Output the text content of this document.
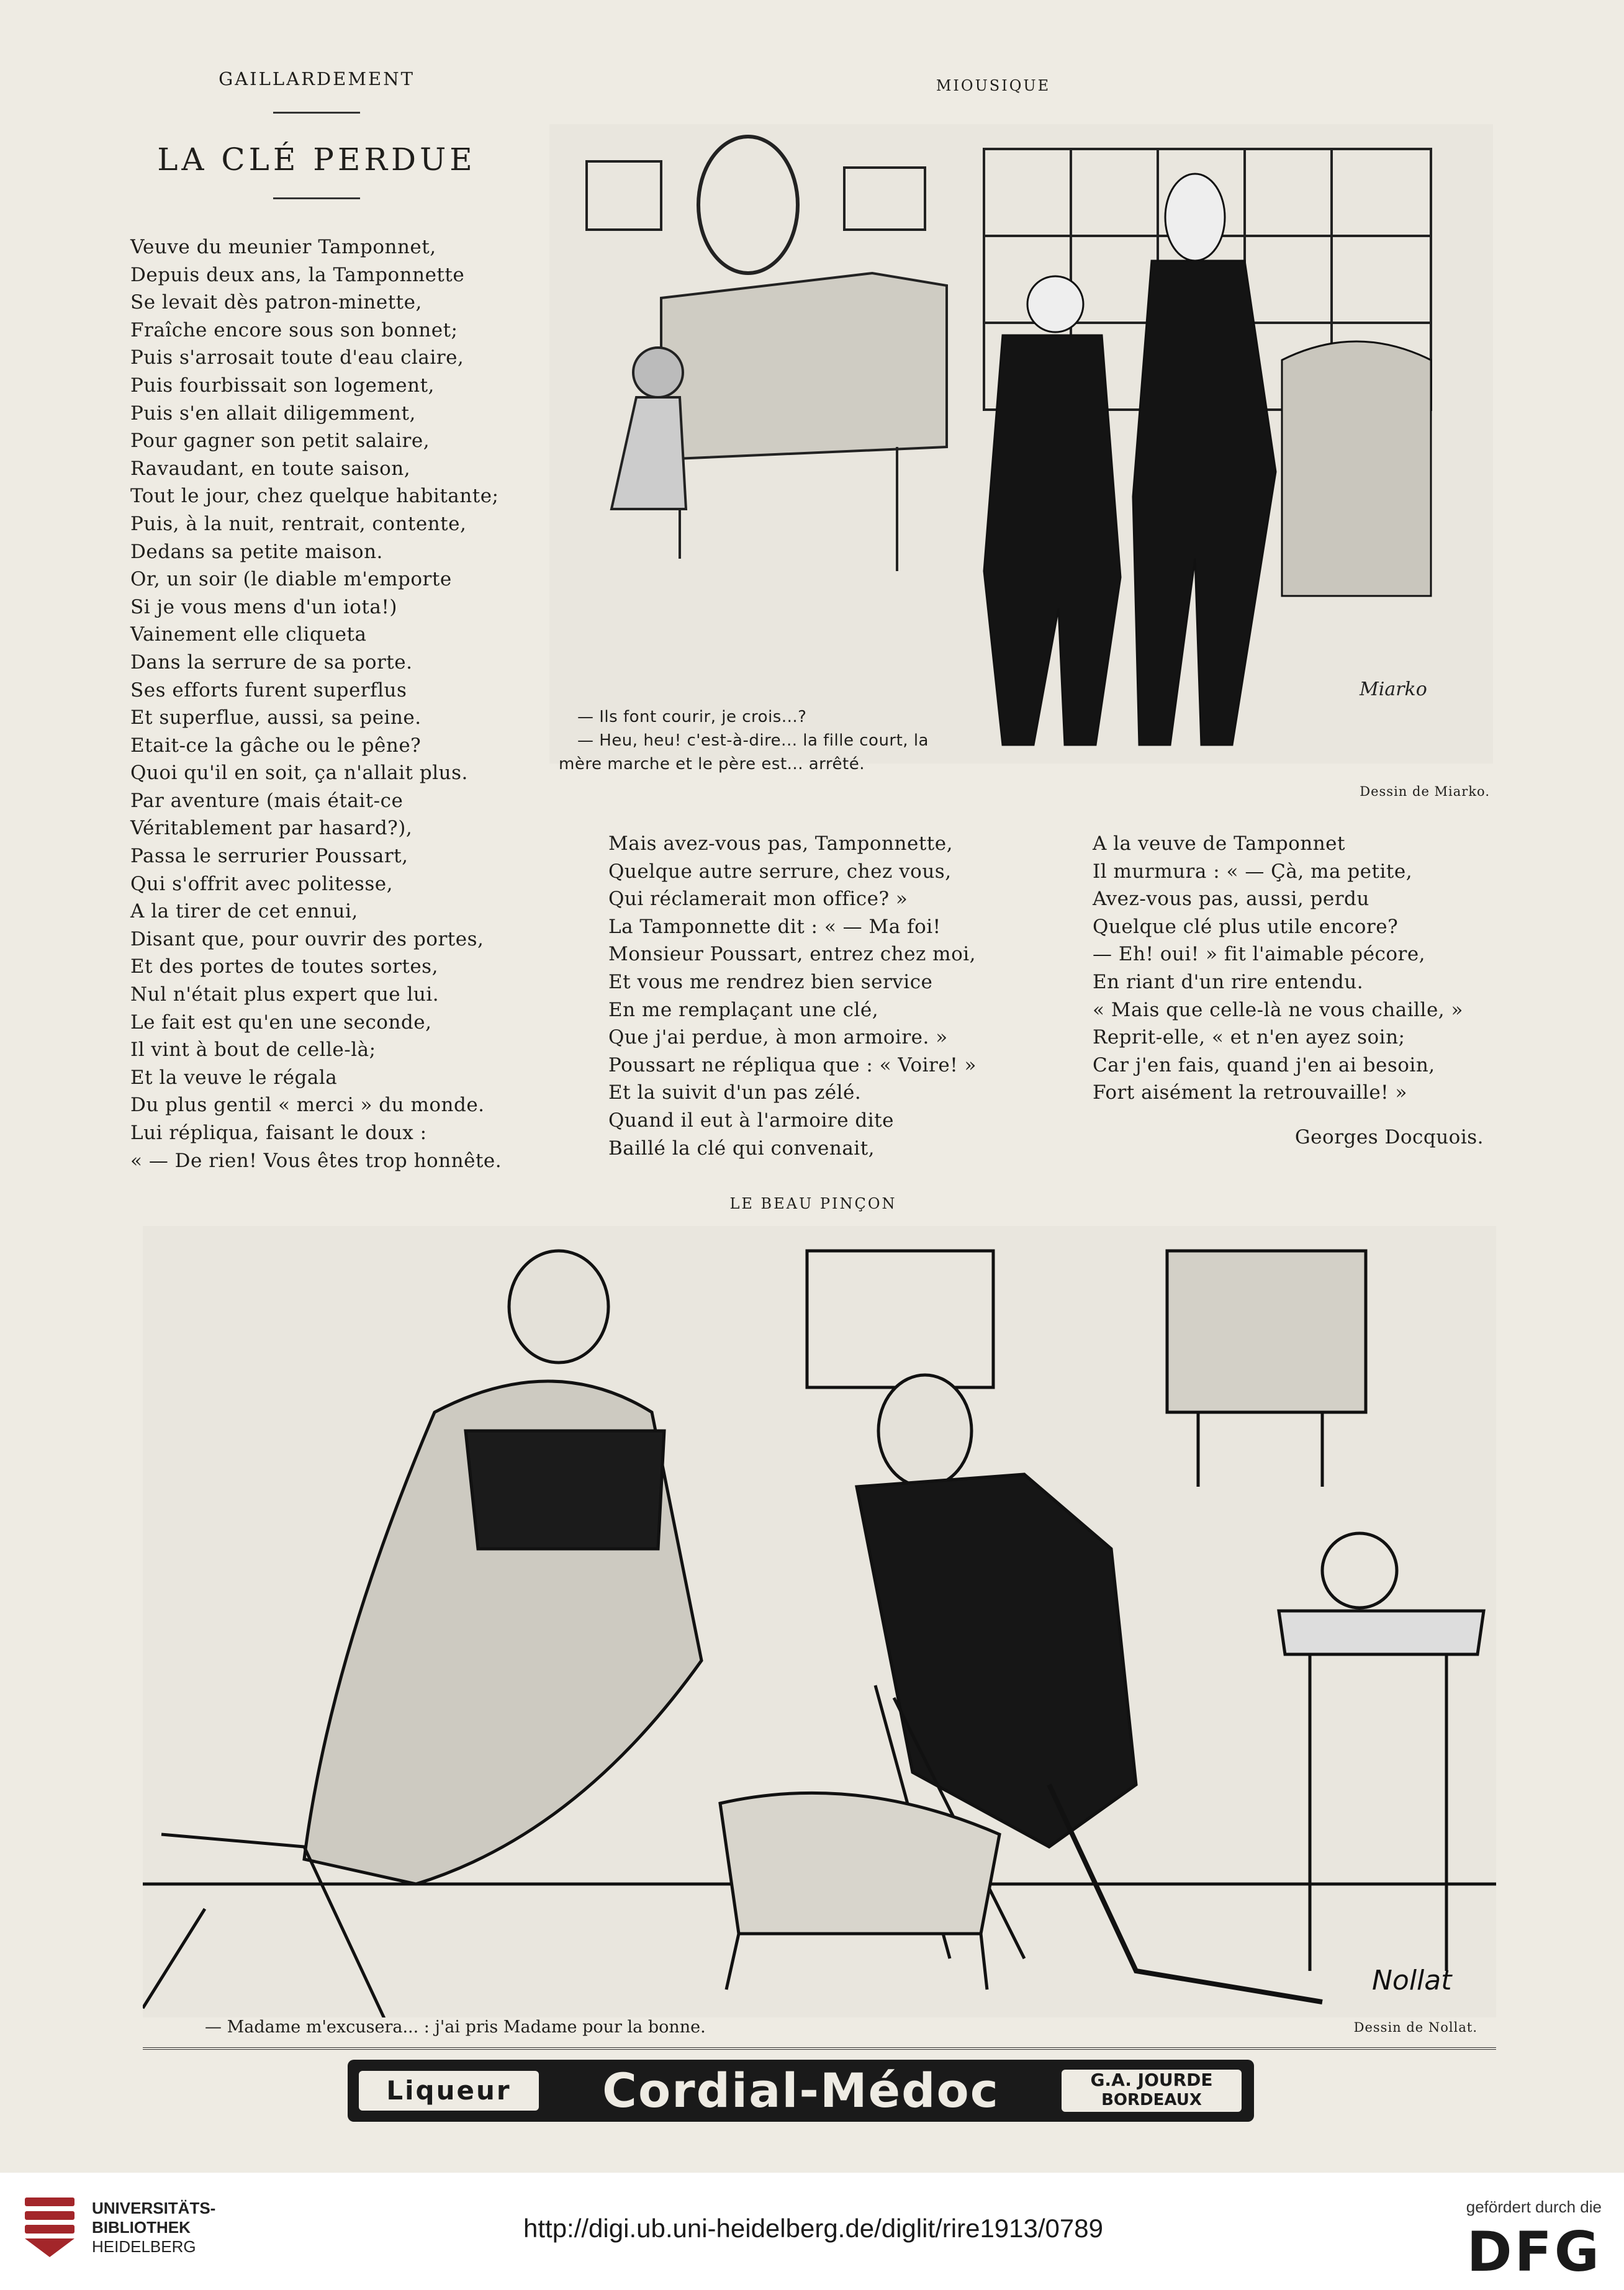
GAILLARDEMENT
LA CLÉ PERDUE
Veuve du meunier Tamponnet,
Depuis deux ans, la Tamponnette
Se levait dès patron-minette,
Fraîche encore sous son bonnet;
Puis s'arrosait toute d'eau claire,
Puis fourbissait son logement,
Puis s'en allait diligemment,
Pour gagner son petit salaire,
Ravaudant, en toute saison,
Tout le jour, chez quelque habitante;
Puis, à la nuit, rentrait, contente,
Dedans sa petite maison.
Or, un soir (le diable m'emporte
Si je vous mens d'un iota!)
Vainement elle cliqueta
Dans la serrure de sa porte.
Ses efforts furent superflus
Et superflue, aussi, sa peine.
Etait-ce la gâche ou le pêne?
Quoi qu'il en soit, ça n'allait plus.
Par aventure (mais était-ce
Véritablement par hasard?),
Passa le serrurier Poussart,
Qui s'offrit avec politesse,
A la tirer de cet ennui,
Disant que, pour ouvrir des portes,
Et des portes de toutes sortes,
Nul n'était plus expert que lui.
Le fait est qu'en une seconde,
Il vint à bout de celle-là;
Et la veuve le régala
Du plus gentil « merci » du monde.
Lui répliqua, faisant le doux :
« — De rien! Vous êtes trop honnête.
MIOUSIQUE
Miarko
— Ils font courir, je crois...?
— Heu, heu! c'est-à-dire... la fille court, la
mère marche et le père est... arrêté.
Dessin de Miarko.
Mais avez-vous pas, Tamponnette,
Quelque autre serrure, chez vous,
Qui réclamerait mon office? »
La Tamponnette dit : « — Ma foi!
Monsieur Poussart, entrez chez moi,
Et vous me rendrez bien service
En me remplaçant une clé,
Que j'ai perdue, à mon armoire. »
Poussart ne répliqua que : « Voire! »
Et la suivit d'un pas zélé.
Quand il eut à l'armoire dite
Baillé la clé qui convenait,
A la veuve de Tamponnet
Il murmura : « — Çà, ma petite,
Avez-vous pas, aussi, perdu
Quelque clé plus utile encore?
— Eh! oui! » fit l'aimable pécore,
En riant d'un rire entendu.
« Mais que celle-là ne vous chaille, »
Reprit-elle, « et n'en ayez soin;
Car j'en fais, quand j'en ai besoin,
Fort aisément la retrouvaille! »
Georges Docquois.
LE BEAU PINÇON
Nollat
— Madame m'excusera... : j'ai pris Madame pour la bonne.	Dessin de Nollat.
Liqueur	Cordial-Médoc	G.A. JOURDE
BORDEAUX
UNIVERSITÄTS-
BIBLIOTHEK
HEIDELBERG
http://digi.ub.uni-heidelberg.de/diglit/rire1913/0789
gefördert durch die
DFG
